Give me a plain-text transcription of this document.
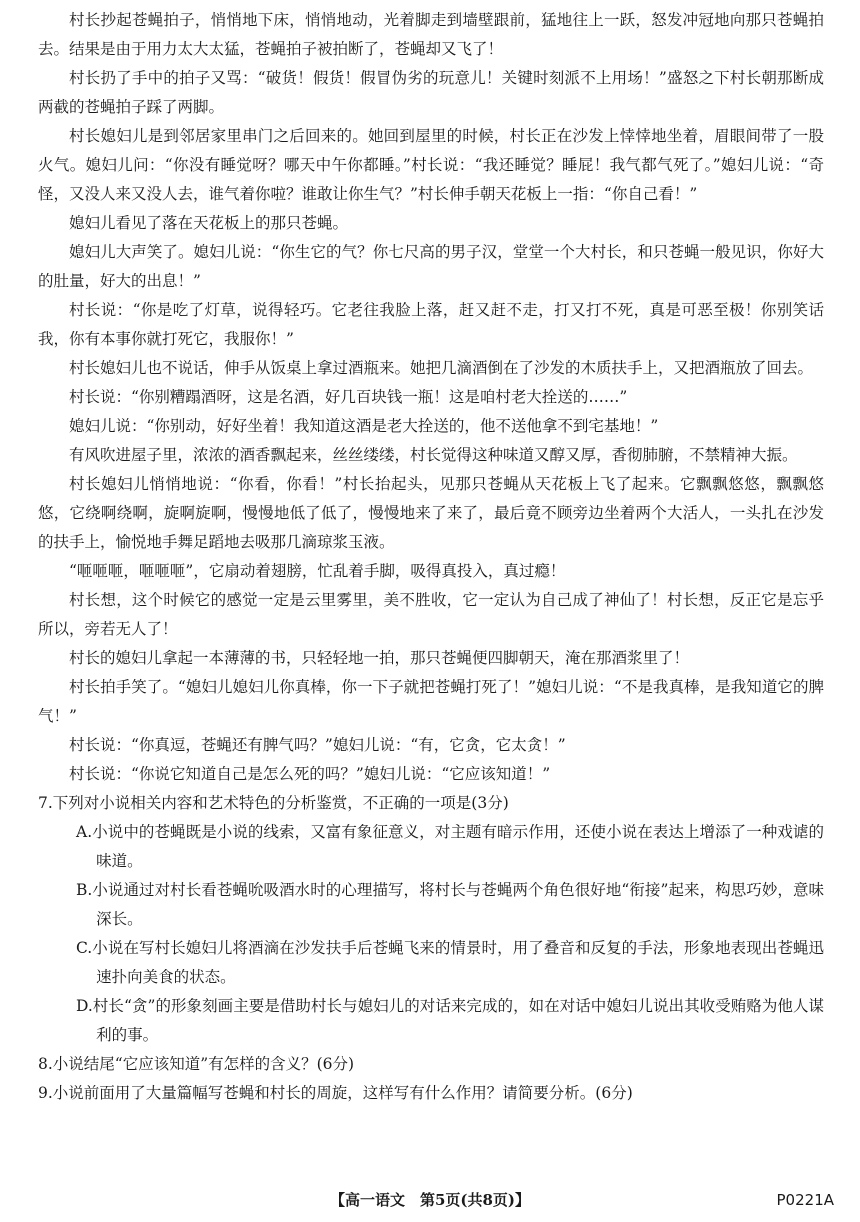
村长抄起苍蝇拍子，悄悄地下床，悄悄地动，光着脚走到墙壁跟前，猛地往上一跃，怒发冲冠地向那只苍蝇拍去。结果是由于用力太大太猛，苍蝇拍子被拍断了，苍蝇却又飞了！

村长扔了手中的拍子又骂：“破货！假货！假冒伪劣的玩意儿！关键时刻派不上用场！”盛怒之下村长朝那断成两截的苍蝇拍子踩了两脚。

村长媳妇儿是到邻居家里串门之后回来的。她回到屋里的时候，村长正在沙发上悻悻地坐着，眉眼间带了一股火气。媳妇儿问：“你没有睡觉呀？哪天中午你都睡。”村长说：“我还睡觉？睡屁！我气都气死了。”媳妇儿说：“奇怪，又没人来又没人去，谁气着你啦？谁敢让你生气？”村长伸手朝天花板上一指：“你自己看！”

媳妇儿看见了落在天花板上的那只苍蝇。

媳妇儿大声笑了。媳妇儿说：“你生它的气？你七尺高的男子汉，堂堂一个大村长，和只苍蝇一般见识，你好大的肚量，好大的出息！”

村长说：“你是吃了灯草，说得轻巧。它老往我脸上落，赶又赶不走，打又打不死，真是可恶至极！你别笑话我，你有本事你就打死它，我服你！”

村长媳妇儿也不说话，伸手从饭桌上拿过酒瓶来。她把几滴酒倒在了沙发的木质扶手上，又把酒瓶放了回去。

村长说：“你别糟蹋酒呀，这是名酒，好几百块钱一瓶！这是咱村老大拴送的……”

媳妇儿说：“你别动，好好坐着！我知道这酒是老大拴送的，他不送他拿不到宅基地！”

有风吹进屋子里，浓浓的酒香飘起来，丝丝缕缕，村长觉得这种味道又醇又厚，香彻肺腑，不禁精神大振。

村长媳妇儿悄悄地说：“你看，你看！”村长抬起头，见那只苍蝇从天花板上飞了起来。它飘飘悠悠，飘飘悠悠，它绕啊绕啊，旋啊旋啊，慢慢地低了低了，慢慢地来了来了，最后竟不顾旁边坐着两个大活人，一头扎在沙发的扶手上，愉悦地手舞足蹈地去吸那几滴琼浆玉液。

“咂咂咂，咂咂咂”，它扇动着翅膀，忙乱着手脚，吸得真投入，真过瘾！

村长想，这个时候它的感觉一定是云里雾里，美不胜收，它一定认为自己成了神仙了！村长想，反正它是忘乎所以，旁若无人了！

村长的媳妇儿拿起一本薄薄的书，只轻轻地一拍，那只苍蝇便四脚朝天，淹在那酒浆里了！

村长拍手笑了。“媳妇儿媳妇儿你真棒，你一下子就把苍蝇打死了！”媳妇儿说：“不是我真棒，是我知道它的脾气！”

村长说：“你真逗，苍蝇还有脾气吗？”媳妇儿说：“有，它贪，它太贪！”

村长说：“你说它知道自己是怎么死的吗？”媳妇儿说：“它应该知道！”

7.下列对小说相关内容和艺术特色的分析鉴赏，不正确的一项是(3分)

A.小说中的苍蝇既是小说的线索，又富有象征意义，对主题有暗示作用，还使小说在表达上增添了一种戏谑的味道。

B.小说通过对村长看苍蝇吮吸酒水时的心理描写，将村长与苍蝇两个角色很好地“衔接”起来，构思巧妙，意味深长。

C.小说在写村长媳妇儿将酒滴在沙发扶手后苍蝇飞来的情景时，用了叠音和反复的手法，形象地表现出苍蝇迅速扑向美食的状态。

D.村长“贪”的形象刻画主要是借助村长与媳妇儿的对话来完成的，如在对话中媳妇儿说出其收受贿赂为他人谋利的事。

8.小说结尾“它应该知道”有怎样的含义？(6分)

9.小说前面用了大量篇幅写苍蝇和村长的周旋，这样写有什么作用？请简要分析。(6分)

【高一语文　第5页(共8页)】	P0221A
